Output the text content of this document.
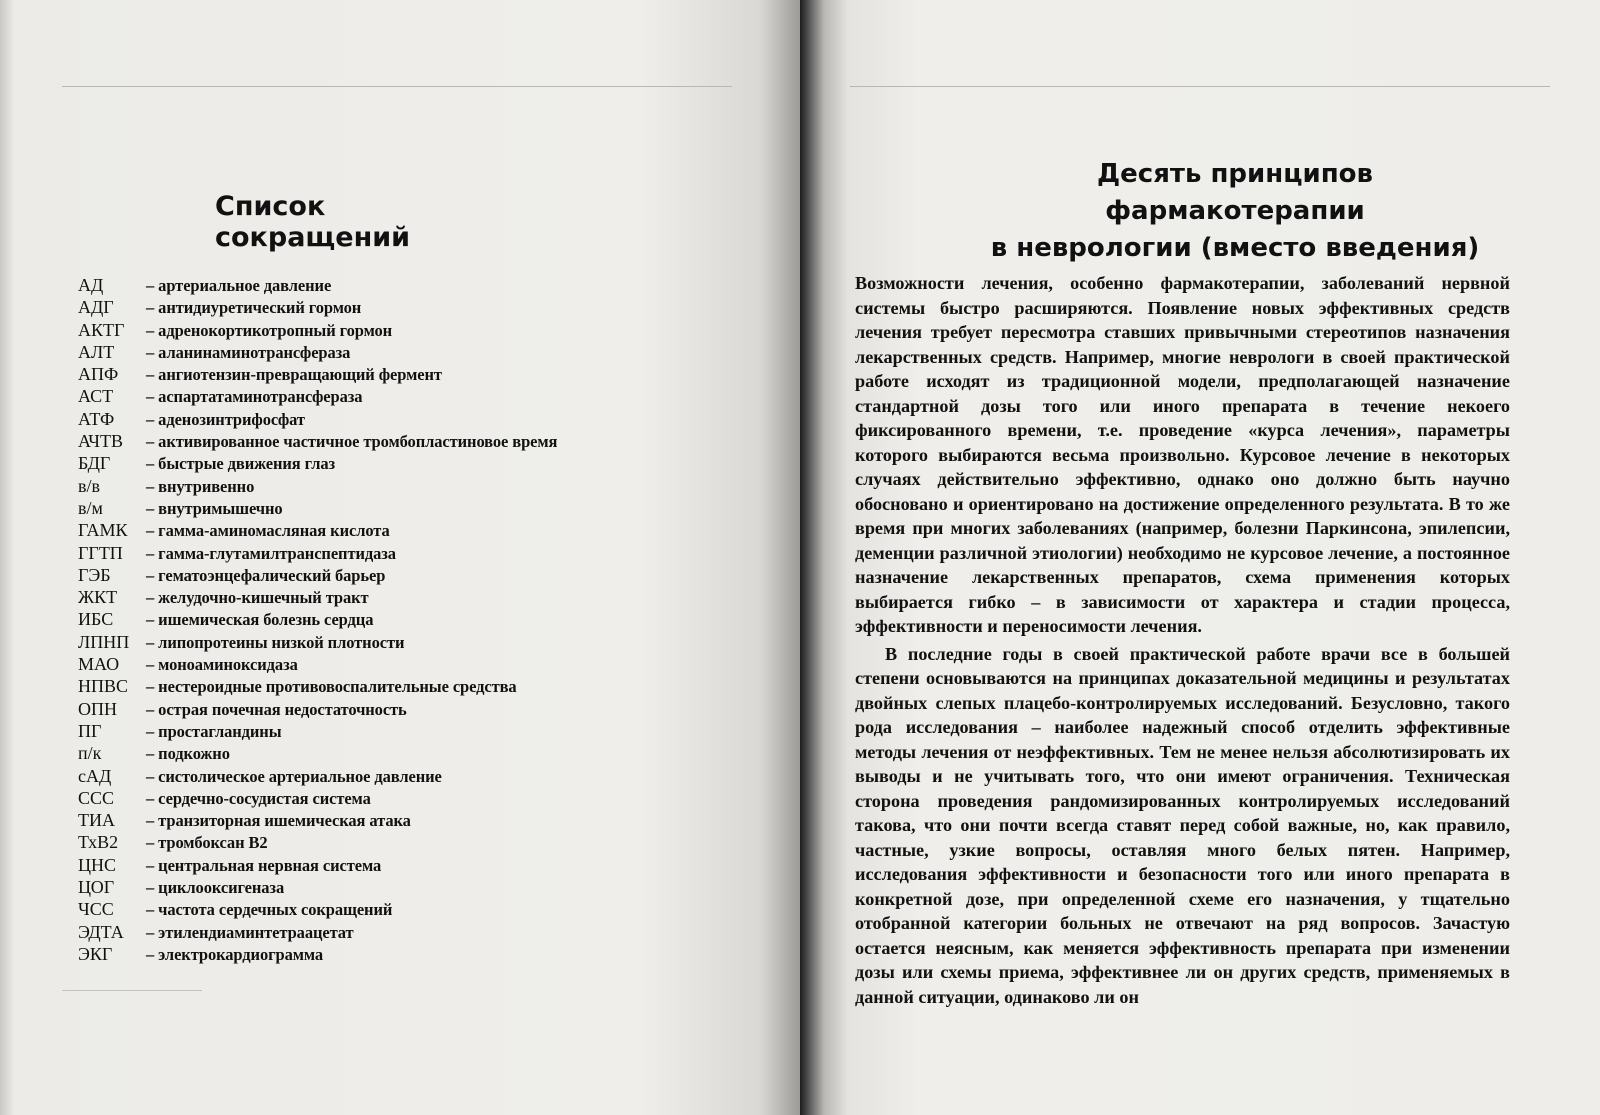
Список сокращений
АД	– артериальное давление
АДГ	– антидиуретический гормон
АКТГ	– адренокортикотропный гормон
АЛТ	– аланинаминотрансфераза
АПФ	– ангиотензин-превращающий фермент
АСТ	– аспартатаминотрансфераза
АТФ	– аденозинтрифосфат
АЧТВ	– активированное частичное тромбопластиновое время
БДГ	– быстрые движения глаз
в/в	– внутривенно
в/м	– внутримышечно
ГАМК	– гамма-аминомасляная кислота
ГГТП	– гамма-глутамилтранспептидаза
ГЭБ	– гематоэнцефалический барьер
ЖКТ	– желудочно-кишечный тракт
ИБС	– ишемическая болезнь сердца
ЛПНП	– липопротеины низкой плотности
МАО	– моноаминоксидаза
НПВС	– нестероидные противовоспалительные средства
ОПН	– острая почечная недостаточность
ПГ	– простагландины
п/к	– подкожно
сАД	– систолическое артериальное давление
ССС	– сердечно-сосудистая система
ТИА	– транзиторная ишемическая атака
ТхВ2	– тромбоксан В2
ЦНС	– центральная нервная система
ЦОГ	– циклооксигеназа
ЧСС	– частота сердечных сокращений
ЭДТА	– этилендиаминтетраацетат
ЭКГ	– электрокардиограмма
Десять принципов фармакотерапии
в неврологии (вместо введения)

Возможности лечения, особенно фармакотерапии, заболеваний нервной системы быстро расширяются. Появление новых эффективных средств лечения требует пересмотра ставших привычными стереотипов назначения лекарственных средств. Например, многие неврологи в своей практической работе исходят из традиционной модели, предполагающей назначение стандартной дозы того или иного препарата в течение некоего фиксированного времени, т.е. проведение «курса лечения», параметры которого выбираются весьма произвольно. Курсовое лечение в некоторых случаях действительно эффективно, однако оно должно быть научно обосновано и ориентировано на достижение определенного результата. В то же время при многих заболеваниях (например, болезни Паркинсона, эпилепсии, деменции различной этиологии) необходимо не курсовое лечение, а постоянное назначение лекарственных препаратов, схема применения которых выбирается гибко – в зависимости от характера и стадии процесса, эффективности и переносимости лечения.

В последние годы в своей практической работе врачи все в большей степени основываются на принципах доказательной медицины и результатах двойных слепых плацебо-контролируемых исследований. Безусловно, такого рода исследования – наиболее надежный способ отделить эффективные методы лечения от неэффективных. Тем не менее нельзя абсолютизировать их выводы и не учитывать того, что они имеют ограничения. Техническая сторона проведения рандомизированных контролируемых исследований такова, что они почти всегда ставят перед собой важные, но, как правило, частные, узкие вопросы, оставляя много белых пятен. Например, исследования эффективности и безопасности того или иного препарата в конкретной дозе, при определенной схеме его назначения, у тщательно отобранной категории больных не отвечают на ряд вопросов. Зачастую остается неясным, как меняется эффективность препарата при изменении дозы или схемы приема, эффективнее ли он других средств, применяемых в данной ситуации, одинаково ли он
